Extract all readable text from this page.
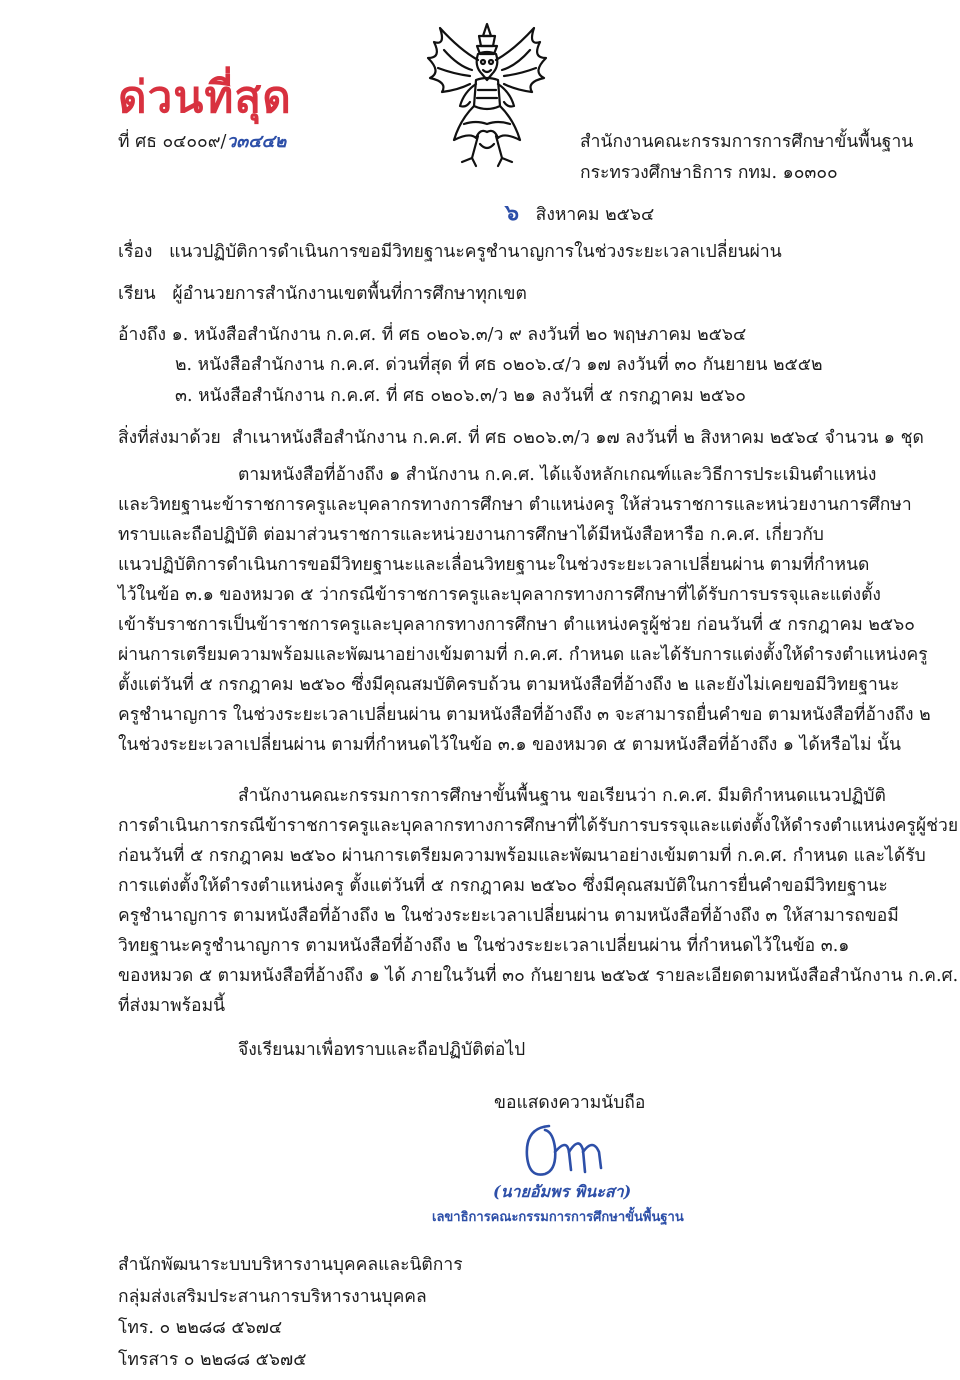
ด่วนที่สุด
ที่ ศธ ๐๔๐๐๙/ว๓๔๔๒	สำนักงานคณะกรรมการการศึกษาขั้นพื้นฐาน
กระทรวงศึกษาธิการ กทม. ๑๐๓๐๐
๖ สิงหาคม ๒๕๖๔
เรื่อง แนวปฏิบัติการดำเนินการขอมีวิทยฐานะครูชำนาญการในช่วงระยะเวลาเปลี่ยนผ่าน
เรียน ผู้อำนวยการสำนักงานเขตพื้นที่การศึกษาทุกเขต
อ้างถึง ๑. หนังสือสำนักงาน ก.ค.ศ. ที่ ศธ ๐๒๐๖.๓/ว ๙ ลงวันที่ ๒๐ พฤษภาคม ๒๕๖๔
๒. หนังสือสำนักงาน ก.ค.ศ. ด่วนที่สุด ที่ ศธ ๐๒๐๖.๔/ว ๑๗ ลงวันที่ ๓๐ กันยายน ๒๕๕๒
๓. หนังสือสำนักงาน ก.ค.ศ. ที่ ศธ ๐๒๐๖.๓/ว ๒๑ ลงวันที่ ๕ กรกฎาคม ๒๕๖๐
สิ่งที่ส่งมาด้วย สำเนาหนังสือสำนักงาน ก.ค.ศ. ที่ ศธ ๐๒๐๖.๓/ว ๑๗ ลงวันที่ ๒ สิงหาคม ๒๕๖๔ จำนวน ๑ ชุด
ตามหนังสือที่อ้างถึง ๑ สำนักงาน ก.ค.ศ. ได้แจ้งหลักเกณฑ์และวิธีการประเมินตำแหน่ง
และวิทยฐานะข้าราชการครูและบุคลากรทางการศึกษา ตำแหน่งครู ให้ส่วนราชการและหน่วยงานการศึกษา
ทราบและถือปฏิบัติ ต่อมาส่วนราชการและหน่วยงานการศึกษาได้มีหนังสือหารือ ก.ค.ศ. เกี่ยวกับ
แนวปฏิบัติการดำเนินการขอมีวิทยฐานะและเลื่อนวิทยฐานะในช่วงระยะเวลาเปลี่ยนผ่าน ตามที่กำหนด
ไว้ในข้อ ๓.๑ ของหมวด ๕ ว่ากรณีข้าราชการครูและบุคลากรทางการศึกษาที่ได้รับการบรรจุและแต่งตั้ง
เข้ารับราชการเป็นข้าราชการครูและบุคลากรทางการศึกษา ตำแหน่งครูผู้ช่วย ก่อนวันที่ ๕ กรกฎาคม ๒๕๖๐
ผ่านการเตรียมความพร้อมและพัฒนาอย่างเข้มตามที่ ก.ค.ศ. กำหนด และได้รับการแต่งตั้งให้ดำรงตำแหน่งครู
ตั้งแต่วันที่ ๕ กรกฎาคม ๒๕๖๐ ซึ่งมีคุณสมบัติครบถ้วน ตามหนังสือที่อ้างถึง ๒ และยังไม่เคยขอมีวิทยฐานะ
ครูชำนาญการ ในช่วงระยะเวลาเปลี่ยนผ่าน ตามหนังสือที่อ้างถึง ๓ จะสามารถยื่นคำขอ ตามหนังสือที่อ้างถึง ๒
ในช่วงระยะเวลาเปลี่ยนผ่าน ตามที่กำหนดไว้ในข้อ ๓.๑ ของหมวด ๕ ตามหนังสือที่อ้างถึง ๑ ได้หรือไม่ นั้น
สำนักงานคณะกรรมการการศึกษาขั้นพื้นฐาน ขอเรียนว่า ก.ค.ศ. มีมติกำหนดแนวปฏิบัติ
การดำเนินการกรณีข้าราชการครูและบุคลากรทางการศึกษาที่ได้รับการบรรจุและแต่งตั้งให้ดำรงตำแหน่งครูผู้ช่วย
ก่อนวันที่ ๕ กรกฎาคม ๒๕๖๐ ผ่านการเตรียมความพร้อมและพัฒนาอย่างเข้มตามที่ ก.ค.ศ. กำหนด และได้รับ
การแต่งตั้งให้ดำรงตำแหน่งครู ตั้งแต่วันที่ ๕ กรกฎาคม ๒๕๖๐ ซึ่งมีคุณสมบัติในการยื่นคำขอมีวิทยฐานะ
ครูชำนาญการ ตามหนังสือที่อ้างถึง ๒ ในช่วงระยะเวลาเปลี่ยนผ่าน ตามหนังสือที่อ้างถึง ๓ ให้สามารถขอมี
วิทยฐานะครูชำนาญการ ตามหนังสือที่อ้างถึง ๒ ในช่วงระยะเวลาเปลี่ยนผ่าน ที่กำหนดไว้ในข้อ ๓.๑
ของหมวด ๕ ตามหนังสือที่อ้างถึง ๑ ได้ ภายในวันที่ ๓๐ กันยายน ๒๕๖๕ รายละเอียดตามหนังสือสำนักงาน ก.ค.ศ.
ที่ส่งมาพร้อมนี้
จึงเรียนมาเพื่อทราบและถือปฏิบัติต่อไป
ขอแสดงความนับถือ
(นายอัมพร พินะสา)
เลขาธิการคณะกรรมการการศึกษาขั้นพื้นฐาน
สำนักพัฒนาระบบบริหารงานบุคคลและนิติการ
กลุ่มส่งเสริมประสานการบริหารงานบุคคล
โทร. ๐ ๒๒๘๘ ๕๖๗๔
โทรสาร ๐ ๒๒๘๘ ๕๖๗๕
